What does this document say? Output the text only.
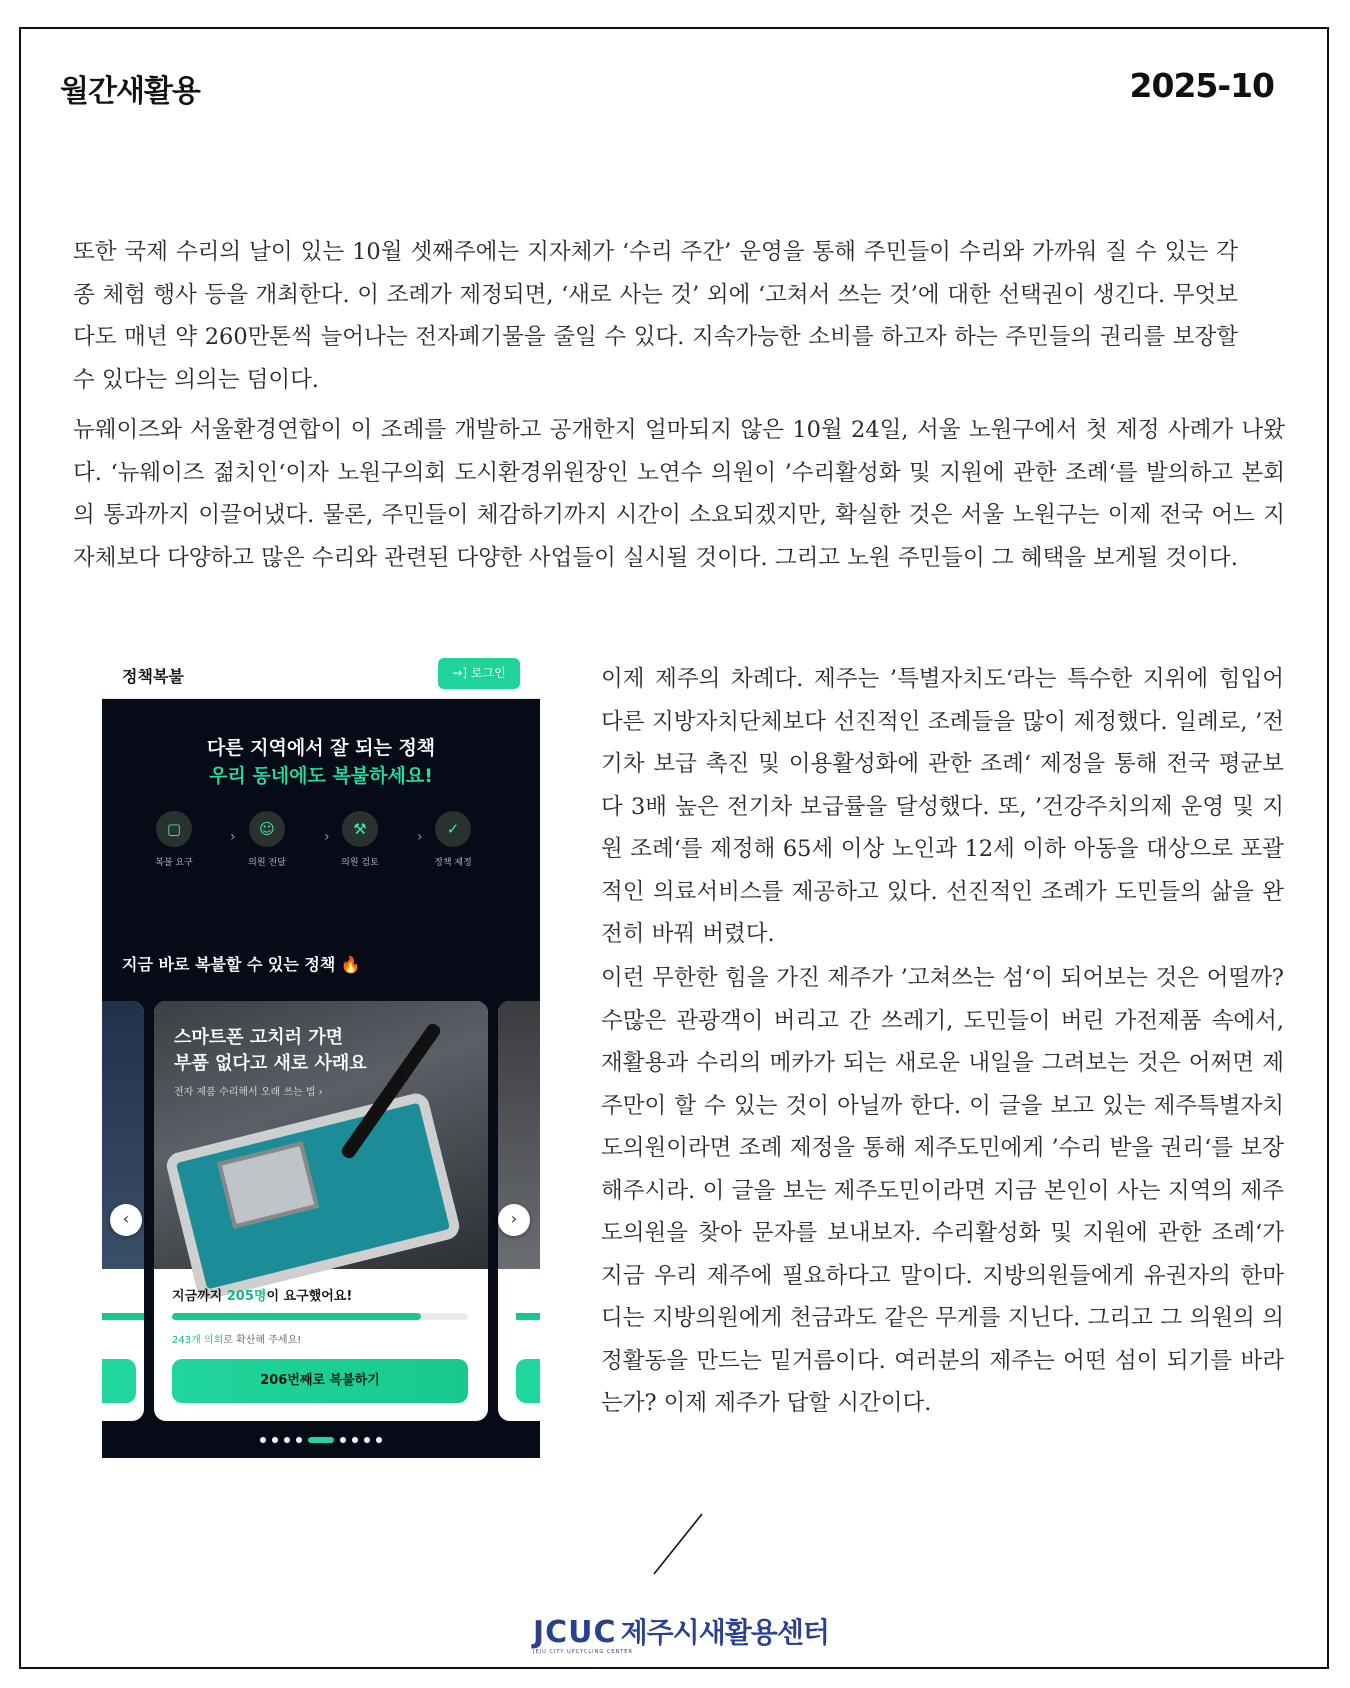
월간새활용	2025-10

또한 국제 수리의 날이 있는 10월 셋째주에는 지자체가 ‘수리 주간’ 운영을 통해 주민들이 수리와 가까워 질 수 있는 각종 체험 행사 등을 개최한다. 이 조례가 제정되면, ‘새로 사는 것’ 외에 ‘고쳐서 쓰는 것’에 대한 선택권이 생긴다. 무엇보다도 매년 약 260만톤씩 늘어나는 전자폐기물을 줄일 수 있다. 지속가능한 소비를 하고자 하는 주민들의 권리를 보장할 수 있다는 의의는 덤이다.

뉴웨이즈와 서울환경연합이 이 조례를 개발하고 공개한지 얼마되지 않은 10월 24일, 서울 노원구에서 첫 제정 사례가 나왔다. ‘뉴웨이즈 젊치인‘이자 노원구의회 도시환경위원장인 노연수 의원이 ’수리활성화 및 지원에 관한 조례‘를 발의하고 본회의 통과까지 이끌어냈다. 물론, 주민들이 체감하기까지 시간이 소요되겠지만, 확실한 것은 서울 노원구는 이제 전국 어느 지자체보다 다양하고 많은 수리와 관련된 다양한 사업들이 실시될 것이다. 그리고 노원 주민들이 그 혜택을 보게될 것이다.

정책복불	→] 로그인
다른 지역에서 잘 되는 정책
우리 동네에도 복불하세요!
▢
복불 요구
›	☺
의원 전달
›	⚒
의원 검토
›	✓
정책 제정
지금 바로 복불할 수 있는 정책 🔥
스마트폰 고치러 가면
부품 없다고 새로 사래요
전자 제품 수리해서 오래 쓰는 법 ›
지금까지 205명이 요구했어요!
243개 의회로 확산해 주세요!
206번째로 복불하기
‹	›

이제 제주의 차례다. 제주는 ’특별자치도‘라는 특수한 지위에 힘입어 다른 지방자치단체보다 선진적인 조례들을 많이 제정했다. 일례로, ’전기차 보급 촉진 및 이용활성화에 관한 조례‘ 제정을 통해 전국 평균보다 3배 높은 전기차 보급률을 달성했다. 또, ’건강주치의제 운영 및 지원 조례‘를 제정해 65세 이상 노인과 12세 이하 아동을 대상으로 포괄적인 의료서비스를 제공하고 있다. 선진적인 조례가 도민들의 삶을 완전히 바꿔 버렸다.

이런 무한한 힘을 가진 제주가 ’고쳐쓰는 섬‘이 되어보는 것은 어떨까? 수많은 관광객이 버리고 간 쓰레기, 도민들이 버린 가전제품 속에서, 재활용과 수리의 메카가 되는 새로운 내일을 그려보는 것은 어쩌면 제주만이 할 수 있는 것이 아닐까 한다. 이 글을 보고 있는 제주특별자치도의원이라면 조례 제정을 통해 제주도민에게 ’수리 받을 권리‘를 보장해주시라. 이 글을 보는 제주도민이라면 지금 본인이 사는 지역의 제주도의원을 찾아 문자를 보내보자. 수리활성화 및 지원에 관한 조례‘가 지금 우리 제주에 필요하다고 말이다. 지방의원들에게 유권자의 한마디는 지방의원에게 천금과도 같은 무게를 지닌다. 그리고 그 의원의 의정활동을 만드는 밑거름이다. 여러분의 제주는 어떤 섬이 되기를 바라는가? 이제 제주가 답할 시간이다.

JCUC 제주시새활용센터
JEJU CITY UPCYCLING CENTER
